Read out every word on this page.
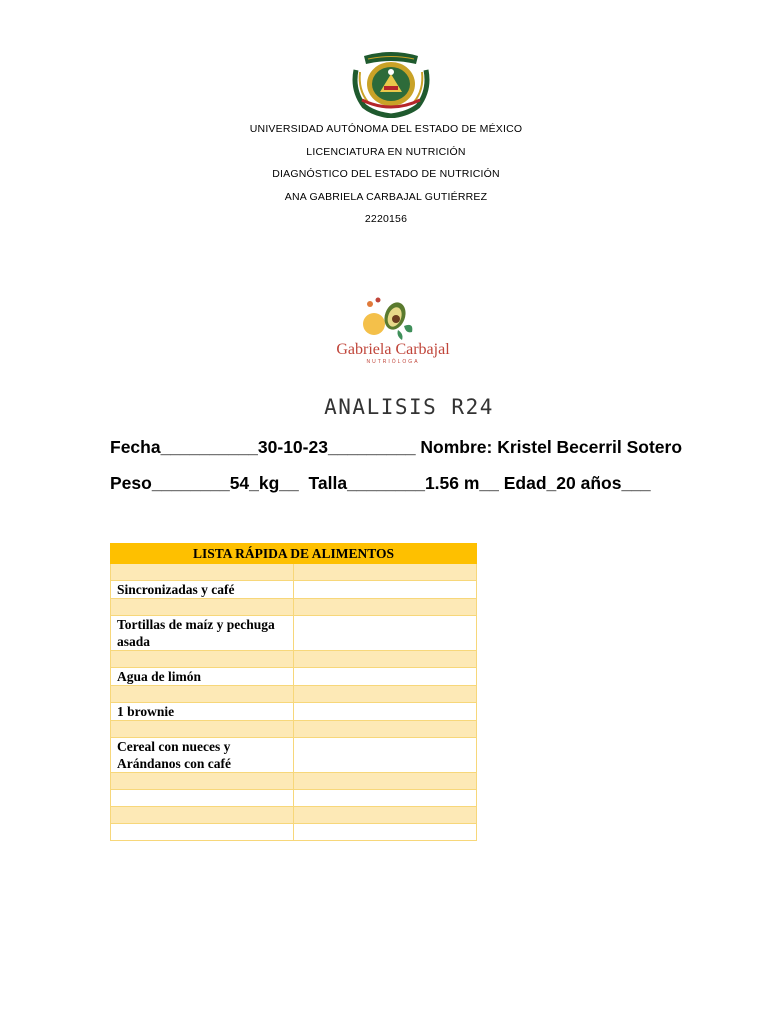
UNIVERSIDAD AUTÓNOMA DEL ESTADO DE MÉXICO
LICENCIATURA EN NUTRICIÓN
DIAGNÓSTICO DEL ESTADO DE NUTRICIÓN
ANA GABRIELA CARBAJAL GUTIÉRREZ
2220156
Gabriela Carbajal
NUTRIÓLOGA
ANALISIS R24
Fecha__________30-10-23_________ Nombre: Kristel Becerril Sotero
Peso________54_kg__  Talla________1.56 m__ Edad_20 años___
LISTA RÁPIDA DE ALIMENTOS	

Sincronizadas y café	

Tortillas de maíz y pechuga asada	

Agua de limón	

1 brownie	

Cereal con nueces y Arándanos con café	
